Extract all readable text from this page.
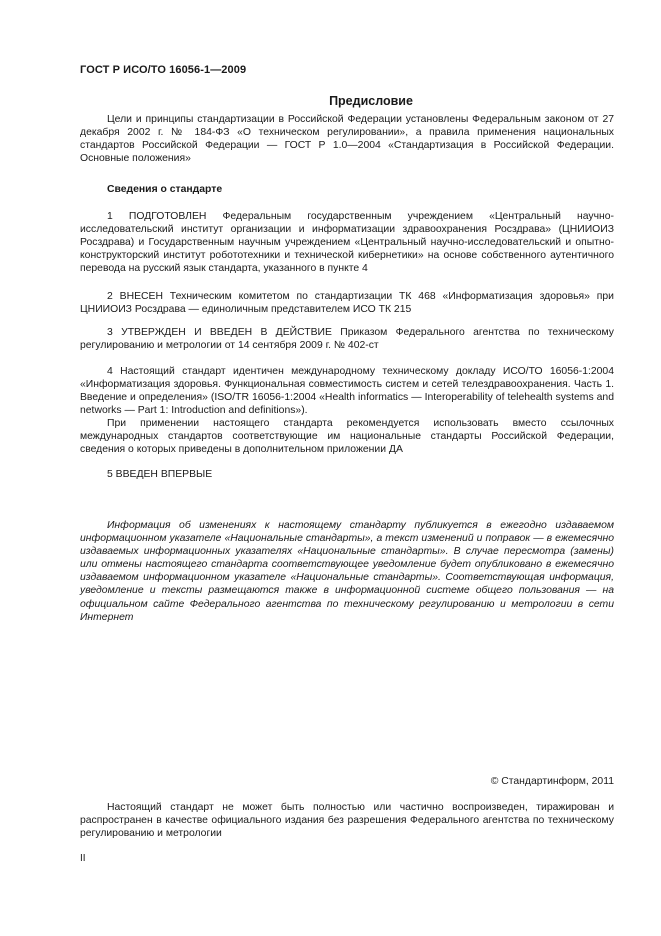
ГОСТ Р ИСО/ТО 16056-1—2009
Предисловие

Цели и принципы стандартизации в Российской Федерации установлены Федеральным законом от 27 декабря 2002 г. № 184-ФЗ «О техническом регулировании», а правила применения национальных стандартов Российской Федерации — ГОСТ Р 1.0—2004 «Стандартизация в Российской Федерации. Основные положения»

Сведения о стандарте

1 ПОДГОТОВЛЕН Федеральным государственным учреждением «Центральный научно-исследовательский институт организации и информатизации здравоохранения Росздрава» (ЦНИИОИЗ Росздрава) и Государственным научным учреждением «Центральный научно-исследовательский и опытно-конструкторский институт робототехники и технической кибернетики» на основе собственного аутентичного перевода на русский язык стандарта, указанного в пункте 4

2 ВНЕСЕН Техническим комитетом по стандартизации ТК 468 «Информатизация здоровья» при ЦНИИОИЗ Росздрава — единоличным представителем ИСО ТК 215

3 УТВЕРЖДЕН И ВВЕДЕН В ДЕЙСТВИЕ Приказом Федерального агентства по техническому регулированию и метрологии от 14 сентября 2009 г. № 402-ст

4 Настоящий стандарт идентичен международному техническому докладу ИСО/ТО 16056-1:2004 «Информатизация здоровья. Функциональная совместимость систем и сетей телездравоохранения. Часть 1. Введение и определения» (ISO/TR 16056-1:2004 «Health informatics — Interoperability of telehealth systems and networks — Part 1: Introduction and definitions»).

При применении настоящего стандарта рекомендуется использовать вместо ссылочных международных стандартов соответствующие им национальные стандарты Российской Федерации, сведения о которых приведены в дополнительном приложении ДА

5 ВВЕДЕН ВПЕРВЫЕ

Информация об изменениях к настоящему стандарту публикуется в ежегодно издаваемом информационном указателе «Национальные стандарты», а текст изменений и поправок — в ежемесячно издаваемых информационных указателях «Национальные стандарты». В случае пересмотра (замены) или отмены настоящего стандарта соответствующее уведомление будет опубликовано в ежемесячно издаваемом информационном указателе «Национальные стандарты». Соответствующая информация, уведомление и тексты размещаются также в информационной системе общего пользования — на официальном сайте Федерального агентства по техническому регулированию и метрологии в сети Интернет

© Стандартинформ, 2011

Настоящий стандарт не может быть полностью или частично воспроизведен, тиражирован и распространен в качестве официального издания без разрешения Федерального агентства по техническому регулированию и метрологии

II
